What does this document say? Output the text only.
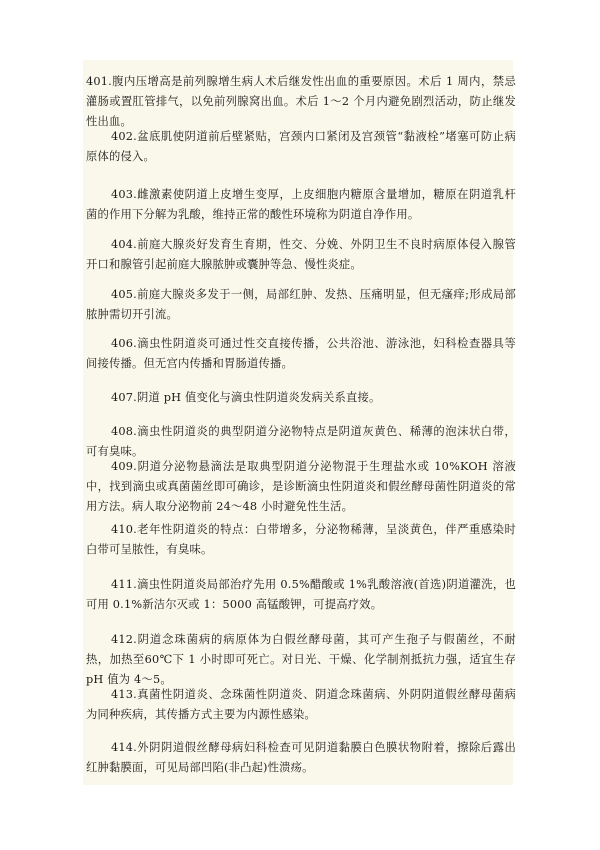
401.腹内压增高是前列腺增生病人术后继发性出血的重要原因。术后 1 周内，禁忌灌肠或置肛管排气，以免前列腺窝出血。术后 1～2 个月内避免剧烈活动，防止继发性出血。

402.盆底肌使阴道前后壁紧贴，宫颈内口紧闭及宫颈管“黏液栓”堵塞可防止病原体的侵入。

403.雌激素使阴道上皮增生变厚，上皮细胞内糖原含量增加，糖原在阴道乳杆菌的作用下分解为乳酸，维持正常的酸性环境称为阴道自净作用。

404.前庭大腺炎好发育生育期，性交、分娩、外阴卫生不良时病原体侵入腺管开口和腺管引起前庭大腺脓肿或囊肿等急、慢性炎症。

405.前庭大腺炎多发于一侧，局部红肿、发热、压痛明显，但无瘙痒;形成局部脓肿需切开引流。

406.滴虫性阴道炎可通过性交直接传播，公共浴池、游泳池，妇科检查器具等间接传播。但无宫内传播和胃肠道传播。

407.阴道 pH 值变化与滴虫性阴道炎发病关系直接。

408.滴虫性阴道炎的典型阴道分泌物特点是阴道灰黄色、稀薄的泡沫状白带，可有臭味。

409.阴道分泌物悬滴法是取典型阴道分泌物混于生理盐水或 10%KOH 溶液中，找到滴虫或真菌菌丝即可确诊，是诊断滴虫性阴道炎和假丝酵母菌性阴道炎的常用方法。病人取分泌物前 24～48 小时避免性生活。

410.老年性阴道炎的特点：白带增多，分泌物稀薄，呈淡黄色，伴严重感染时白带可呈脓性，有臭味。

411.滴虫性阴道炎局部治疗先用 0.5%醋酸或 1%乳酸溶液(首选)阴道灌洗，也可用 0.1%新洁尔灭或 1：5000 高锰酸钾，可提高疗效。

412.阴道念珠菌病的病原体为白假丝酵母菌，其可产生孢子与假菌丝，不耐热，加热至60℃下 1 小时即可死亡。对日光、干燥、化学制剂抵抗力强，适宜生存 pH 值为 4～5。

413.真菌性阴道炎、念珠菌性阴道炎、阴道念珠菌病、外阴阴道假丝酵母菌病为同种疾病，其传播方式主要为内源性感染。

414.外阴阴道假丝酵母病妇科检查可见阴道黏膜白色膜状物附着，擦除后露出红肿黏膜面，可见局部凹陷(非凸起)性溃疡。
